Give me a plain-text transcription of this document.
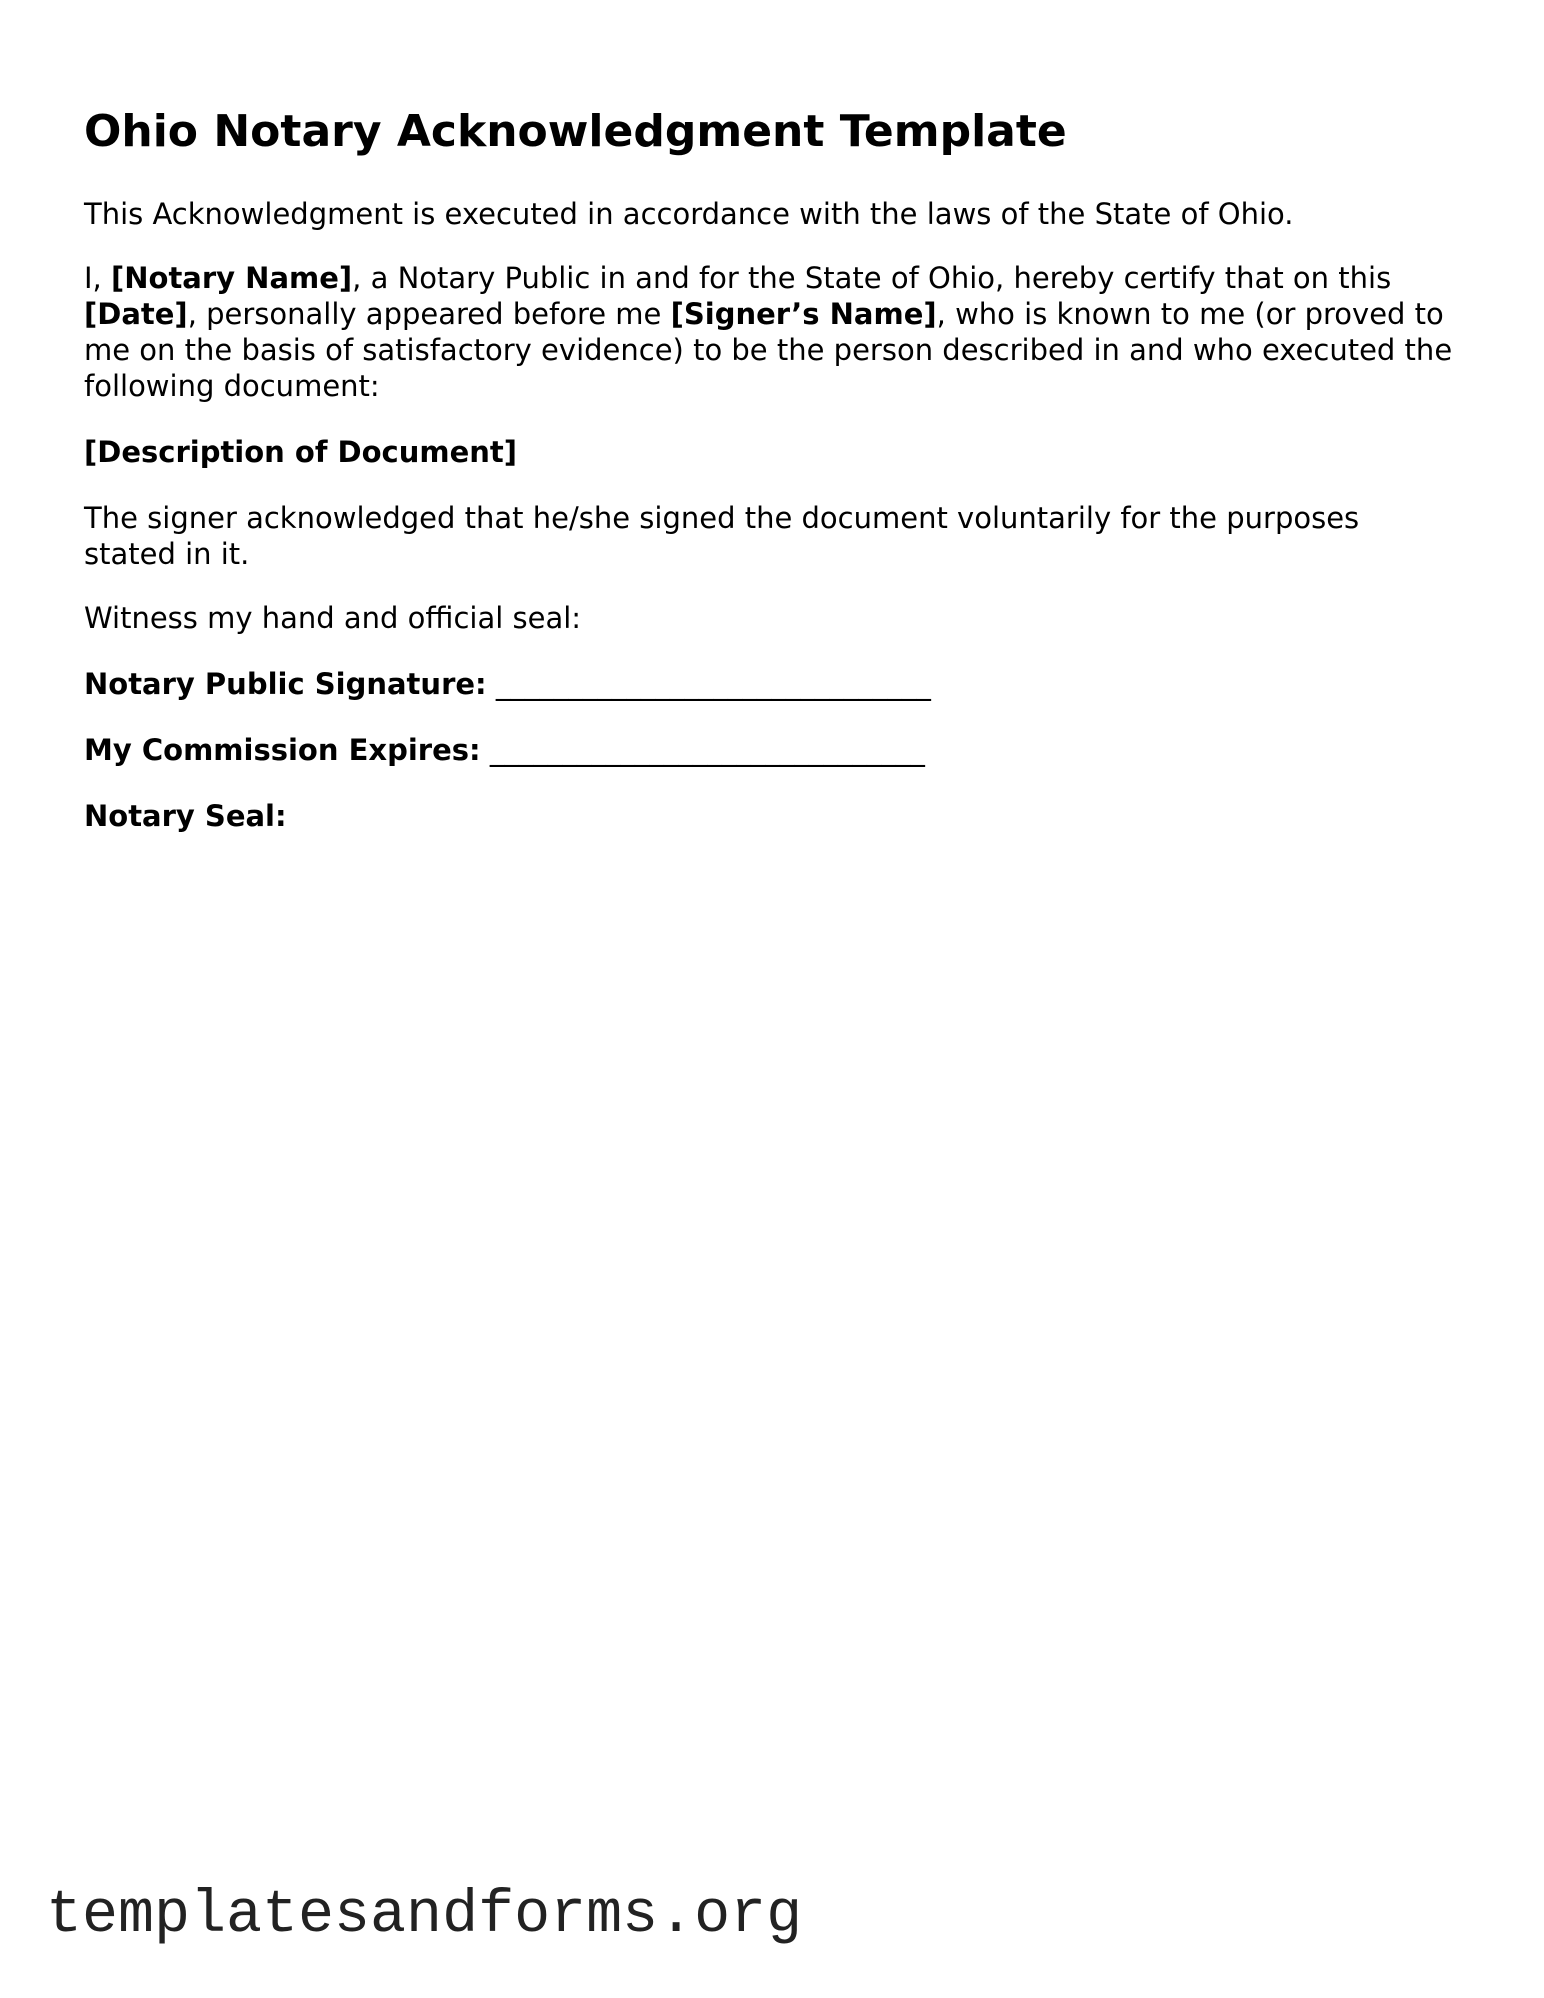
Ohio Notary Acknowledgment Template

This Acknowledgment is executed in accordance with the laws of the State of Ohio.

I, [Notary Name], a Notary Public in and for the State of Ohio, hereby certify that on this [Date], personally appeared before me [Signer’s Name], who is known to me (or proved to me on the basis of satisfactory evidence) to be the person described in and who executed the following document:

[Description of Document]

The signer acknowledged that he/she signed the document voluntarily for the purposes stated in it.

Witness my hand and official seal:

Notary Public Signature: ______________________________

My Commission Expires: ______________________________

Notary Seal:

templatesandforms.org
